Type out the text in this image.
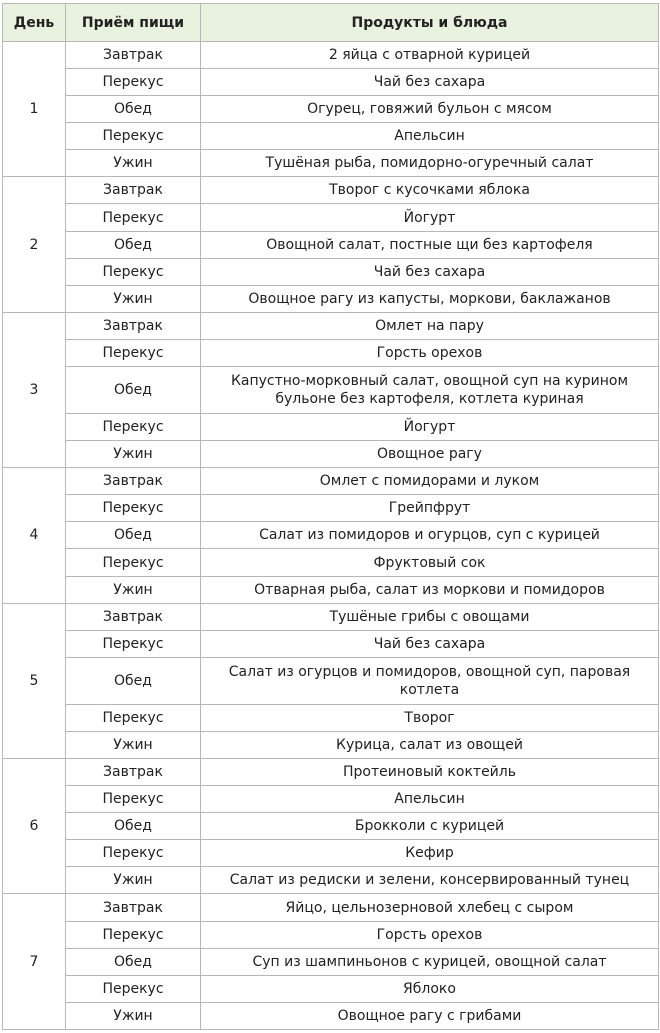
День	Приём пищи	Продукты и блюда
1	Завтрак	2 яйца с отварной курицей
	Перекус	Чай без сахара
	Обед	Огурец, говяжий бульон с мясом
	Перекус	Апельсин
	Ужин	Тушёная рыба, помидорно-огуречный салат
2	Завтрак	Творог с кусочками яблока
	Перекус	Йогурт
	Обед	Овощной салат, постные щи без картофеля
	Перекус	Чай без сахара
	Ужин	Овощное рагу из капусты, моркови, баклажанов
3	Завтрак	Омлет на пару
	Перекус	Горсть орехов
	Обед	Капустно-морковный салат, овощной суп на курином бульоне без картофеля, котлета куриная
	Перекус	Йогурт
	Ужин	Овощное рагу
4	Завтрак	Омлет с помидорами и луком
	Перекус	Грейпфрут
	Обед	Салат из помидоров и огурцов, суп с курицей
	Перекус	Фруктовый сок
	Ужин	Отварная рыба, салат из моркови и помидоров
5	Завтрак	Тушёные грибы с овощами
	Перекус	Чай без сахара
	Обед	Салат из огурцов и помидоров, овощной суп, паровая котлета
	Перекус	Творог
	Ужин	Курица, салат из овощей
6	Завтрак	Протеиновый коктейль
	Перекус	Апельсин
	Обед	Брокколи с курицей
	Перекус	Кефир
	Ужин	Салат из редиски и зелени, консервированный тунец
7	Завтрак	Яйцо, цельнозерновой хлебец с сыром
	Перекус	Горсть орехов
	Обед	Суп из шампиньонов с курицей, овощной салат
	Перекус	Яблоко
	Ужин	Овощное рагу с грибами
